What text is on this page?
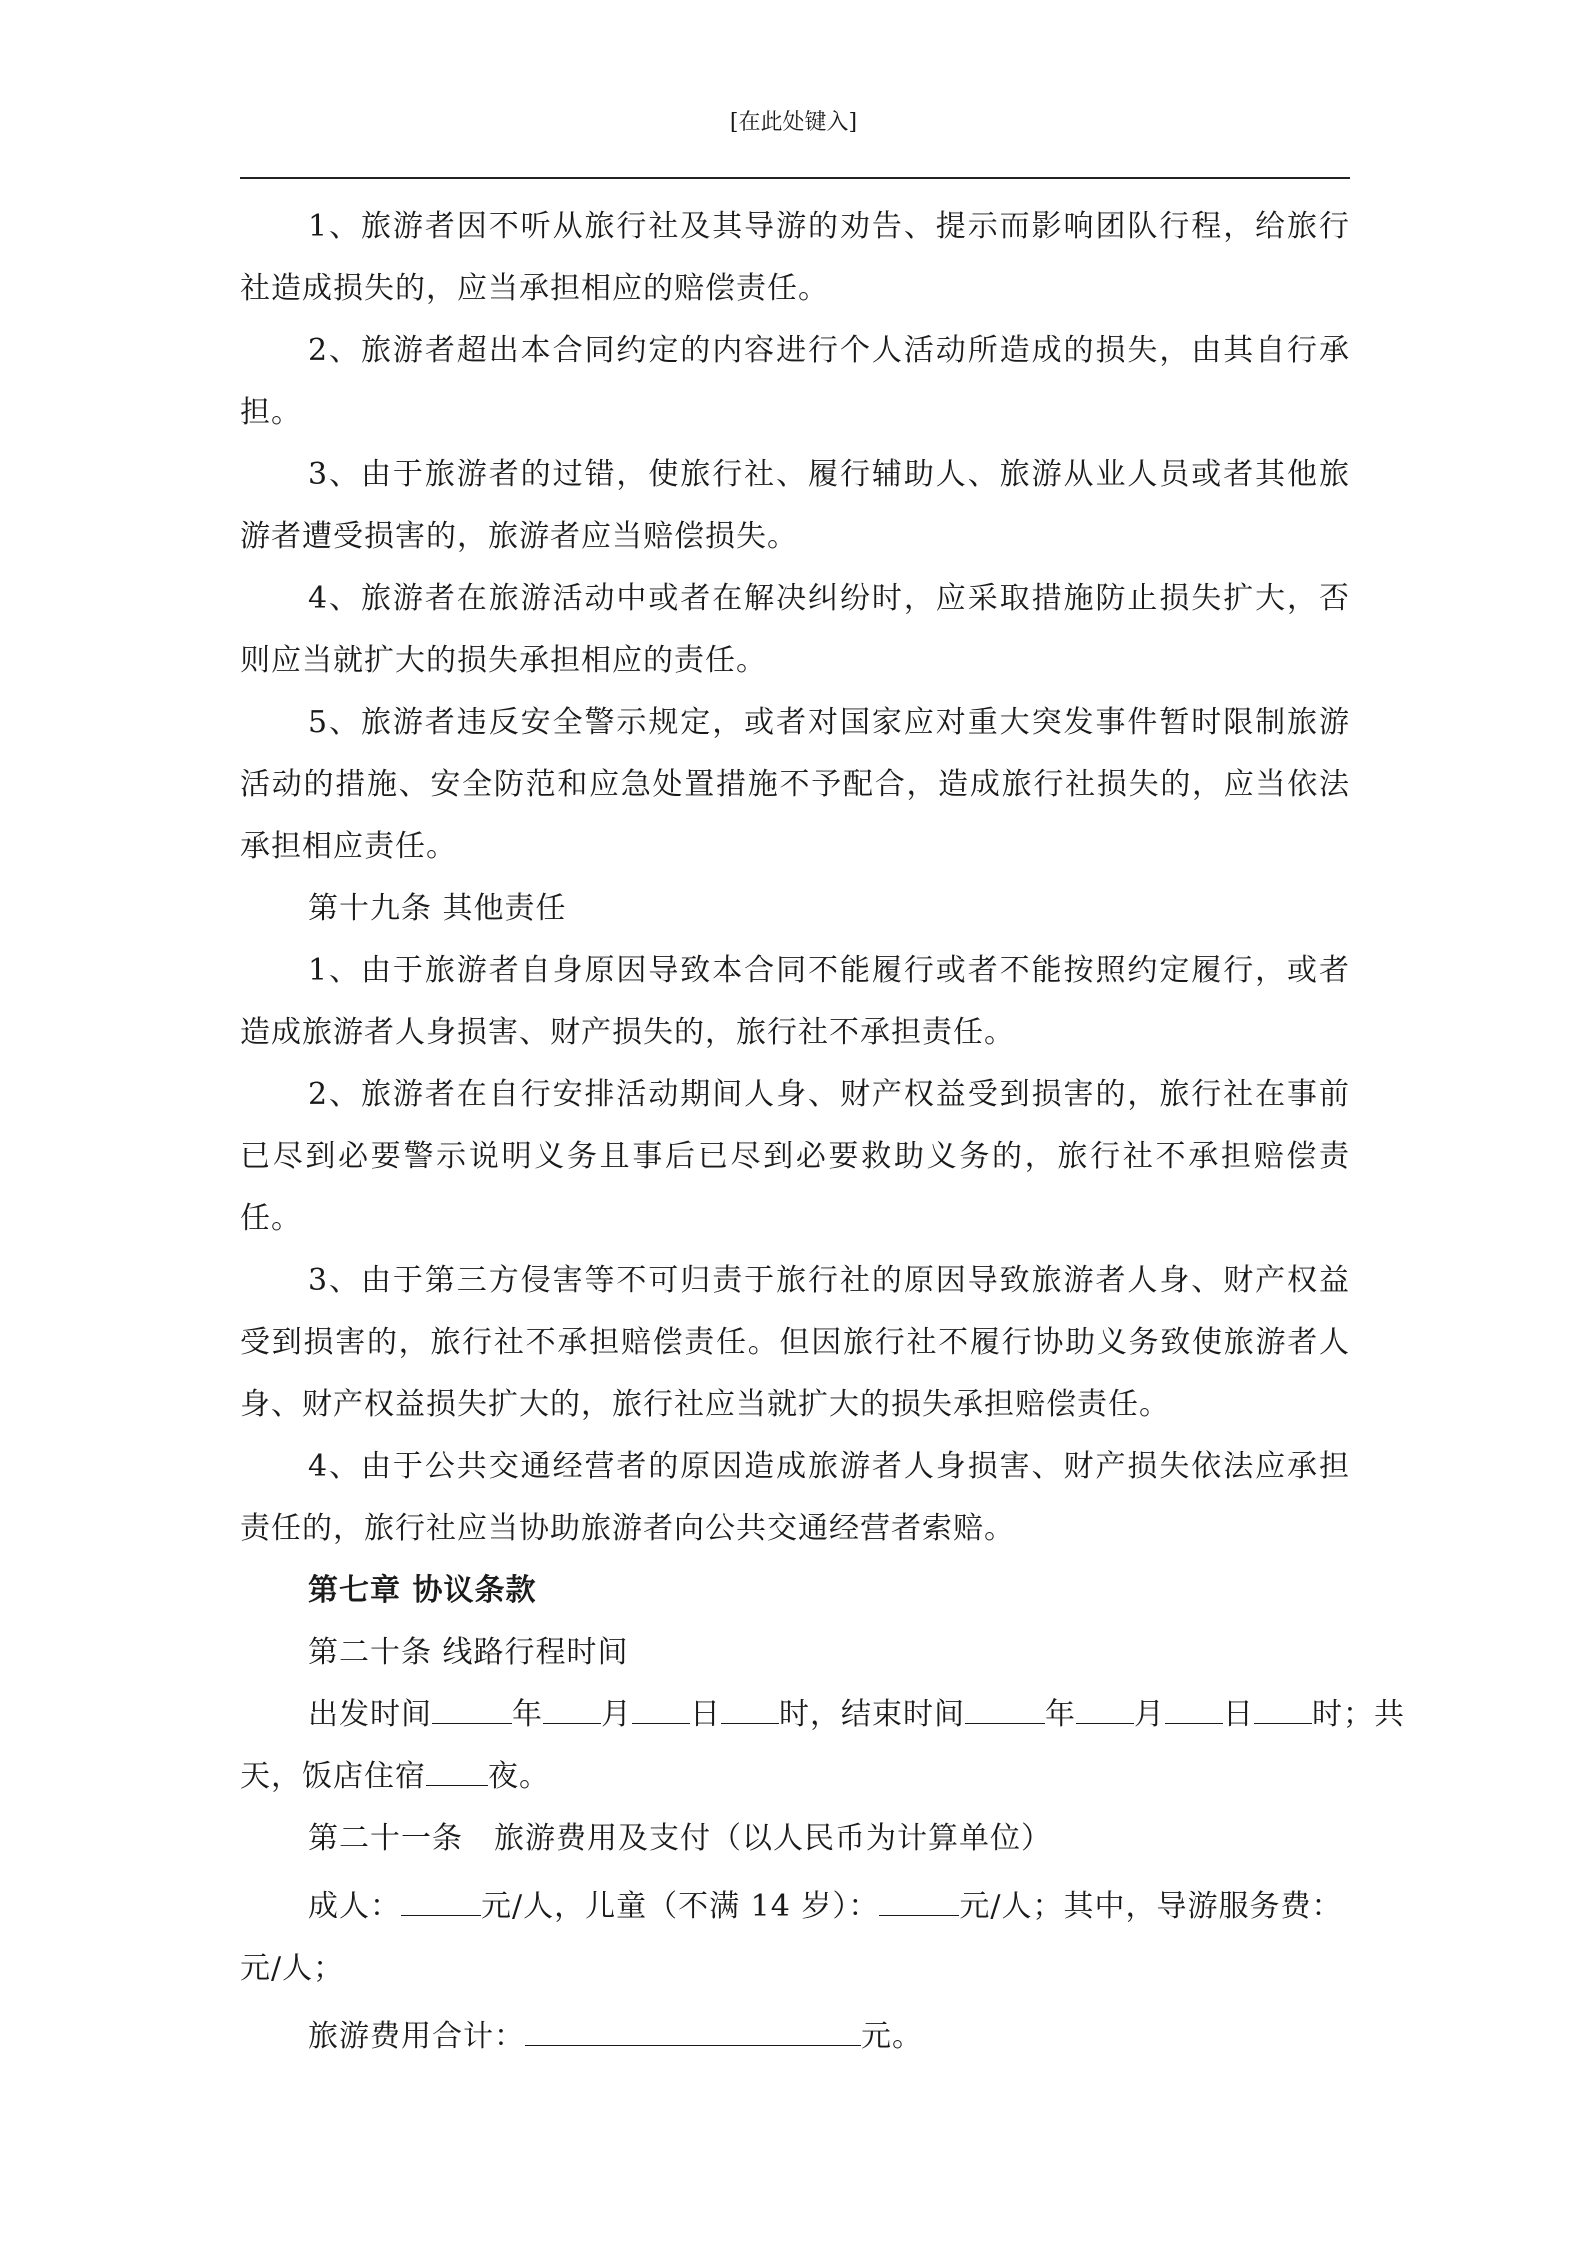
[在此处键入]

1、旅游者因不听从旅行社及其导游的劝告、提示而影响团队行程，给旅行社造成损失的，应当承担相应的赔偿责任。

2、旅游者超出本合同约定的内容进行个人活动所造成的损失，由其自行承担。

3、由于旅游者的过错，使旅行社、履行辅助人、旅游从业人员或者其他旅游者遭受损害的，旅游者应当赔偿损失。

4、旅游者在旅游活动中或者在解决纠纷时，应采取措施防止损失扩大，否则应当就扩大的损失承担相应的责任。

5、旅游者违反安全警示规定，或者对国家应对重大突发事件暂时限制旅游活动的措施、安全防范和应急处置措施不予配合，造成旅行社损失的，应当依法承担相应责任。

第十九条 其他责任

1、由于旅游者自身原因导致本合同不能履行或者不能按照约定履行，或者造成旅游者人身损害、财产损失的，旅行社不承担责任。

2、旅游者在自行安排活动期间人身、财产权益受到损害的，旅行社在事前已尽到必要警示说明义务且事后已尽到必要救助义务的，旅行社不承担赔偿责任。

3、由于第三方侵害等不可归责于旅行社的原因导致旅游者人身、财产权益受到损害的，旅行社不承担赔偿责任。但因旅行社不履行协助义务致使旅游者人身、财产权益损失扩大的，旅行社应当就扩大的损失承担赔偿责任。

4、由于公共交通经营者的原因造成旅游者人身损害、财产损失依法应承担责任的，旅行社应当协助旅游者向公共交通经营者索赔。

第七章 协议条款

第二十条 线路行程时间

出发时间	年 月 日 时，结束时间	年 月 日 时；共

天，饭店住宿 夜。

第二十一条　旅游费用及支付（以人民币为计算单位）

成人：	元/人，儿童（不满 14 岁）：	元/人；其中，导游服务费：

元/人；

旅游费用合计：	元。
